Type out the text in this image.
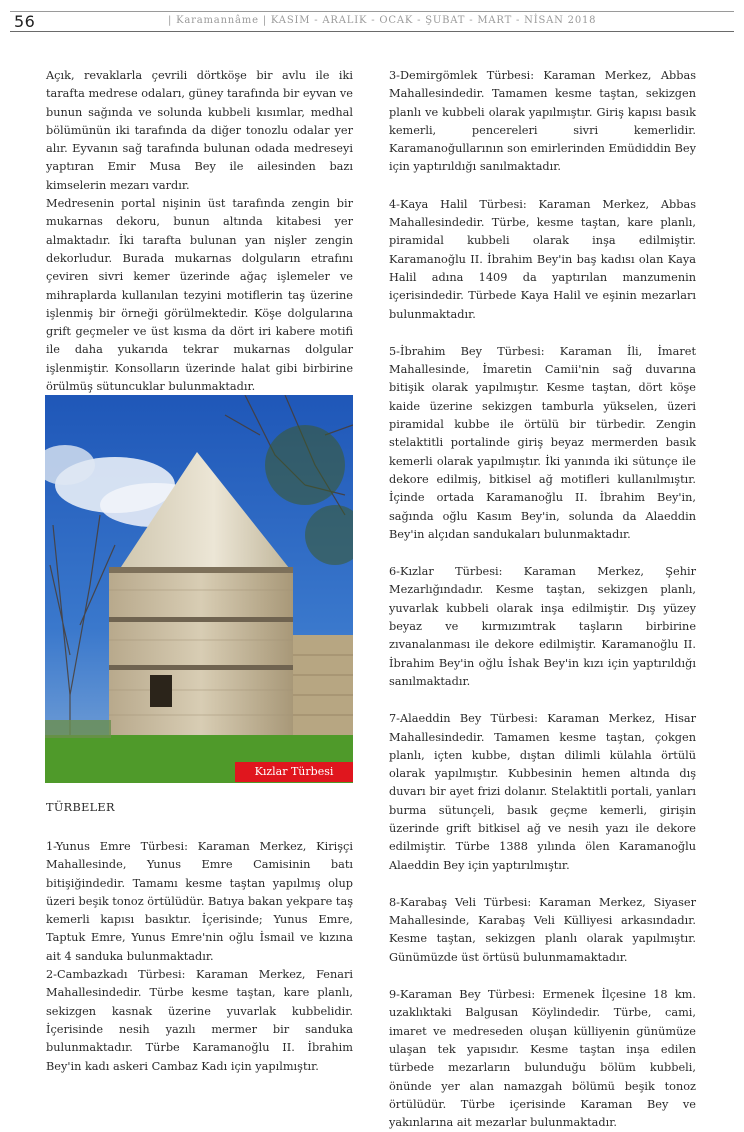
56	| Karamannâme | KASIM - ARALIK - OCAK - ŞUBAT - MART - NİSAN 2018

Açık, revaklarla çevrili dörtköşe bir avlu ile iki tarafta medrese odaları, güney tarafında bir eyvan ve bunun sağında ve solunda kubbeli kısımlar, medhal bölümünün iki tarafında da diğer tonozlu odalar yer alır. Eyvanın sağ tarafında bulunan odada medreseyi yaptıran Emir Musa Bey ile ailesinden bazı kimselerin mezarı vardır.

Medresenin portal nişinin üst tarafında zengin bir mukarnas dekoru, bunun altında kitabesi yer almaktadır. İki tarafta bulunan yan nişler zengin dekorludur. Burada mukarnas dolguların etrafını çeviren sivri kemer üzerinde ağaç işlemeler ve mihraplarda kullanılan tezyini motiflerin taş üzerine işlenmiş bir örneği görülmektedir. Köşe dolgularına grift geçmeler ve üst kısma da dört iri kabere motifi ile daha yukarıda tekrar mukarnas dolgular işlenmiştir. Konsolların üzerinde halat gibi birbirine örülmüş sütuncuklar bulunmaktadır.

Kızlar Türbesi
TÜRBELER

1-Yunus Emre Türbesi: Karaman Merkez, Kirişçi Mahallesinde, Yunus Emre Camisinin batı bitişiğindedir. Tamamı kesme taştan yapılmış olup üzeri beşik tonoz örtülüdür. Batıya bakan yekpare taş kemerli kapısı basıktır. İçerisinde; Yunus Emre, Taptuk Emre, Yunus Emre'nin oğlu İsmail ve kızına ait 4 sanduka bulunmaktadır.

2-Cambazkadı Türbesi: Karaman Merkez, Fenari Mahallesindedir. Türbe kesme taştan, kare planlı, sekizgen kasnak üzerine yuvarlak kubbelidir. İçerisinde nesih yazılı mermer bir sanduka bulunmaktadır. Türbe Karamanoğlu II. İbrahim Bey'in kadı askeri Cambaz Kadı için yapılmıştır.

3-Demirgömlek Türbesi: Karaman Merkez, Abbas Mahallesindedir. Tamamen kesme taştan, sekizgen planlı ve kubbeli olarak yapılmıştır. Giriş kapısı basık kemerli, pencereleri sivri kemerlidir. Karamanoğullarının son emirlerinden Emüdiddin Bey için yaptırıldığı sanılmaktadır.

4-Kaya Halil Türbesi: Karaman Merkez, Abbas Mahallesindedir. Türbe, kesme taştan, kare planlı, piramidal kubbeli olarak inşa edilmiştir. Karamanoğlu II. İbrahim Bey'in baş kadısı olan Kaya Halil adına 1409 da yaptırılan manzumenin içerisindedir. Türbede Kaya Halil ve eşinin mezarları bulunmaktadır.

5-İbrahim Bey Türbesi: Karaman İli, İmaret Mahallesinde, İmaretin Camii'nin sağ duvarına bitişik olarak yapılmıştır. Kesme taştan, dört köşe kaide üzerine sekizgen tamburla yükselen, üzeri piramidal kubbe ile örtülü bir türbedir. Zengin stelaktitli portalinde giriş beyaz mermerden basık kemerli olarak yapılmıştır. İki yanında iki sütunçe ile dekore edilmiş, bitkisel ağ motifleri kullanılmıştır. İçinde ortada Karamanoğlu II. İbrahim Bey'in, sağında oğlu Kasım Bey'in, solunda da Alaeddin Bey'in alçıdan sandukaları bulunmaktadır.

6-Kızlar Türbesi: Karaman Merkez, Şehir Mezarlığındadır. Kesme taştan, sekizgen planlı, yuvarlak kubbeli olarak inşa edilmiştir. Dış yüzey beyaz ve kırmızımtrak taşların birbirine zıvanalanması ile dekore edilmiştir. Karamanoğlu II. İbrahim Bey'in oğlu İshak Bey'in kızı için yaptırıldığı sanılmaktadır.

7-Alaeddin Bey Türbesi: Karaman Merkez, Hisar Mahallesindedir. Tamamen kesme taştan, çokgen planlı, içten kubbe, dıştan dilimli külahla örtülü olarak yapılmıştır. Kubbesinin hemen altında dış duvarı bir ayet frizi dolanır. Stelaktitli portali, yanları burma sütunçeli, basık geçme kemerli, girişin üzerinde grift bitkisel ağ ve nesih yazı ile dekore edilmiştir. Türbe 1388 yılında ölen Karamanoğlu Alaeddin Bey için yaptırılmıştır.

8-Karabaş Veli Türbesi: Karaman Merkez, Siyaser Mahallesinde, Karabaş Veli Külliyesi arkasındadır. Kesme taştan, sekizgen planlı olarak yapılmıştır. Günümüzde üst örtüsü bulunmamaktadır.

9-Karaman Bey Türbesi: Ermenek İlçesine 18 km. uzaklıktaki Balgusan Köylindedir. Türbe, cami, imaret ve medreseden oluşan külliyenin günümüze ulaşan tek yapısıdır. Kesme taştan inşa edilen türbede mezarların bulunduğu bölüm kubbeli, önünde yer alan namazgah bölümü beşik tonoz örtülüdür. Türbe içerisinde Karaman Bey ve yakınlarına ait mezarlar bulunmaktadır.
